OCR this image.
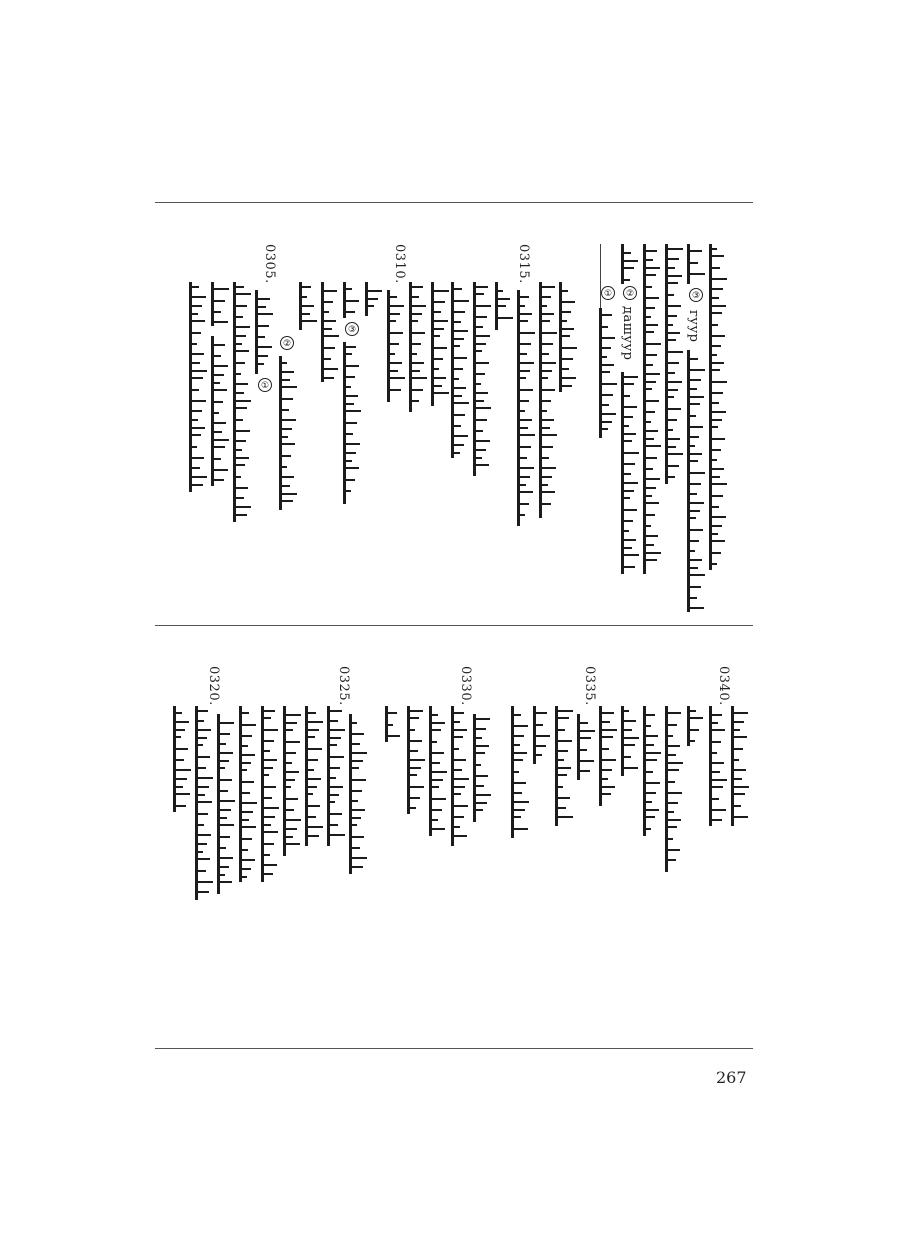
③
гуур
②
дашуур
①
0315.
0310.
③
②
0305.
①
0340.
0335.
0330.
0325.
0320.
267
